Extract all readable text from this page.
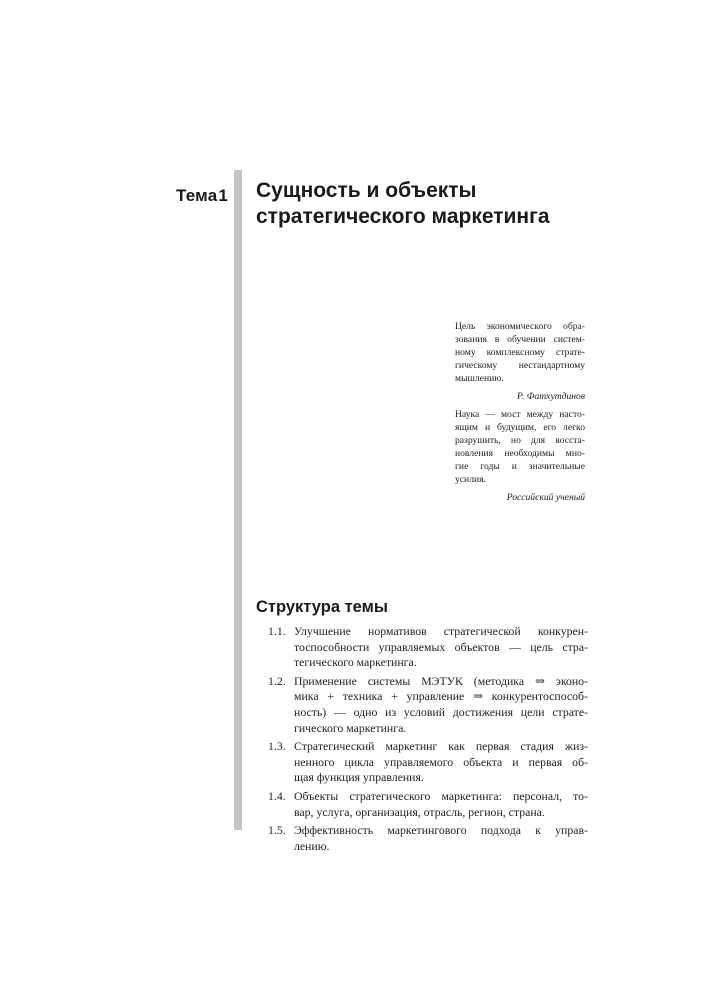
Тема1 Сущность и объекты
стратегического маркетинга
Цель экономического обра-
зования в обучении систем-
ному комплексному страте-
гическому нестандартному
мышлению.
Р. Фатхутдинов
Наука — мост между насто-
ящим и будущим, его легко
разрушить, но для восста-
новления необходимы мно-
гие годы и значительные
усилия.
Российский ученый
Структура темы
1.1. Улучшение нормативов стратегической конкурен-
тоспособности управляемых объектов — цель стра-
тегического маркетинга.
1.2. Применение системы МЭТУК (методика ⇒ эконо-
мика + техника + управление ⇒ конкурентоспособ-
ность) — одно из условий достижения цели страте-
гического маркетинга.
1.3. Стратегический маркетинг как первая стадия жиз-
ненного цикла управляемого объекта и первая об-
щая функция управления.
1.4. Объекты стратегического маркетинга: персонал, то-
вар, услуга, организация, отрасль, регион, страна.
1.5. Эффективность маркетингового подхода к управ-
лению.
